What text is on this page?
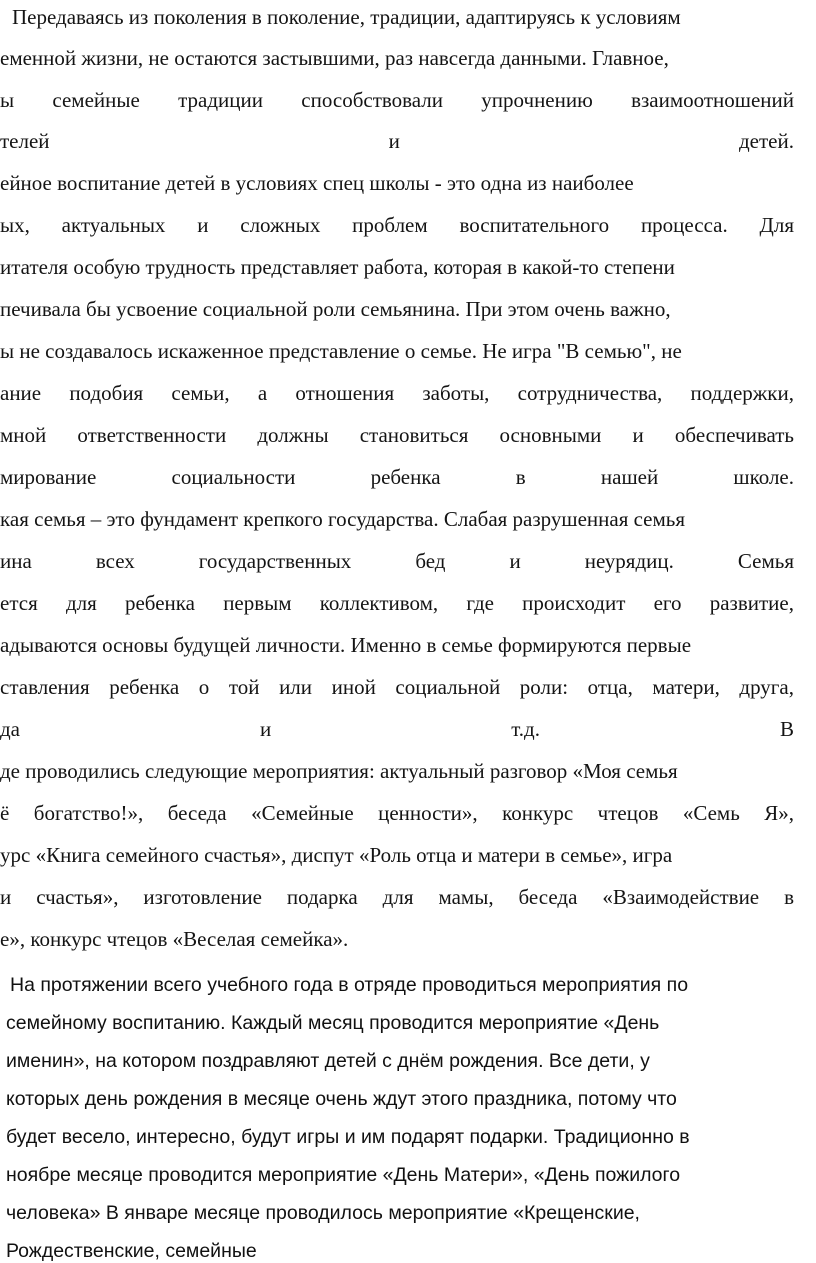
Передаваясь из поколения в поколение, традиции, адаптируясь к условиям
еменной жизни, не остаются застывшими, раз навсегда данными. Главное,
ы семейные традиции способствовали упрочнению взаимоотношений
телей и детей.
ейное воспитание детей в условиях спец школы - это одна из наиболее
ых, актуальных и сложных проблем воспитательного процесса. Для
итателя особую трудность представляет работа, которая в какой-то степени
печивала бы усвоение социальной роли семьянина. При этом очень важно,
ы не создавалось искаженное представление о семье. Не игра "В семью", не
ание подобия семьи, а отношения заботы, сотрудничества, поддержки,
мной ответственности должны становиться основными и обеспечивать
мирование социальности ребенка в нашей школе.
кая семья – это фундамент крепкого государства. Слабая разрушенная семья
ина всех государственных бед и неурядиц. Семья
ется для ребенка первым коллективом, где происходит его развитие,
адываются основы будущей личности. Именно в семье формируются первые
ставления ребенка о той или иной социальной роли: отца, матери, друга,
да и т.д. В
де проводились следующие мероприятия: актуальный разговор «Моя семья
ё богатство!», беседа «Семейные ценности», конкурс чтецов «Семь Я»,
урс «Книга семейного счастья», диспут «Роль отца и матери в семье», игра
и счастья», изготовление подарка для мамы, беседа «Взаимодействие в
е», конкурс чтецов «Веселая семейка».
На протяжении всего учебного года в отряде проводиться мероприятия по
семейному воспитанию. Каждый месяц проводится мероприятие «День
именин», на котором поздравляют детей с днём рождения. Все дети, у
которых день рождения в месяце очень ждут этого праздника, потому что
будет весело, интересно, будут игры и им подарят подарки. Традиционно в
ноябре месяце проводится мероприятие «День Матери», «День пожилого
человека» В январе месяце проводилось мероприятие «Крещенские,
Рождественские, семейные
